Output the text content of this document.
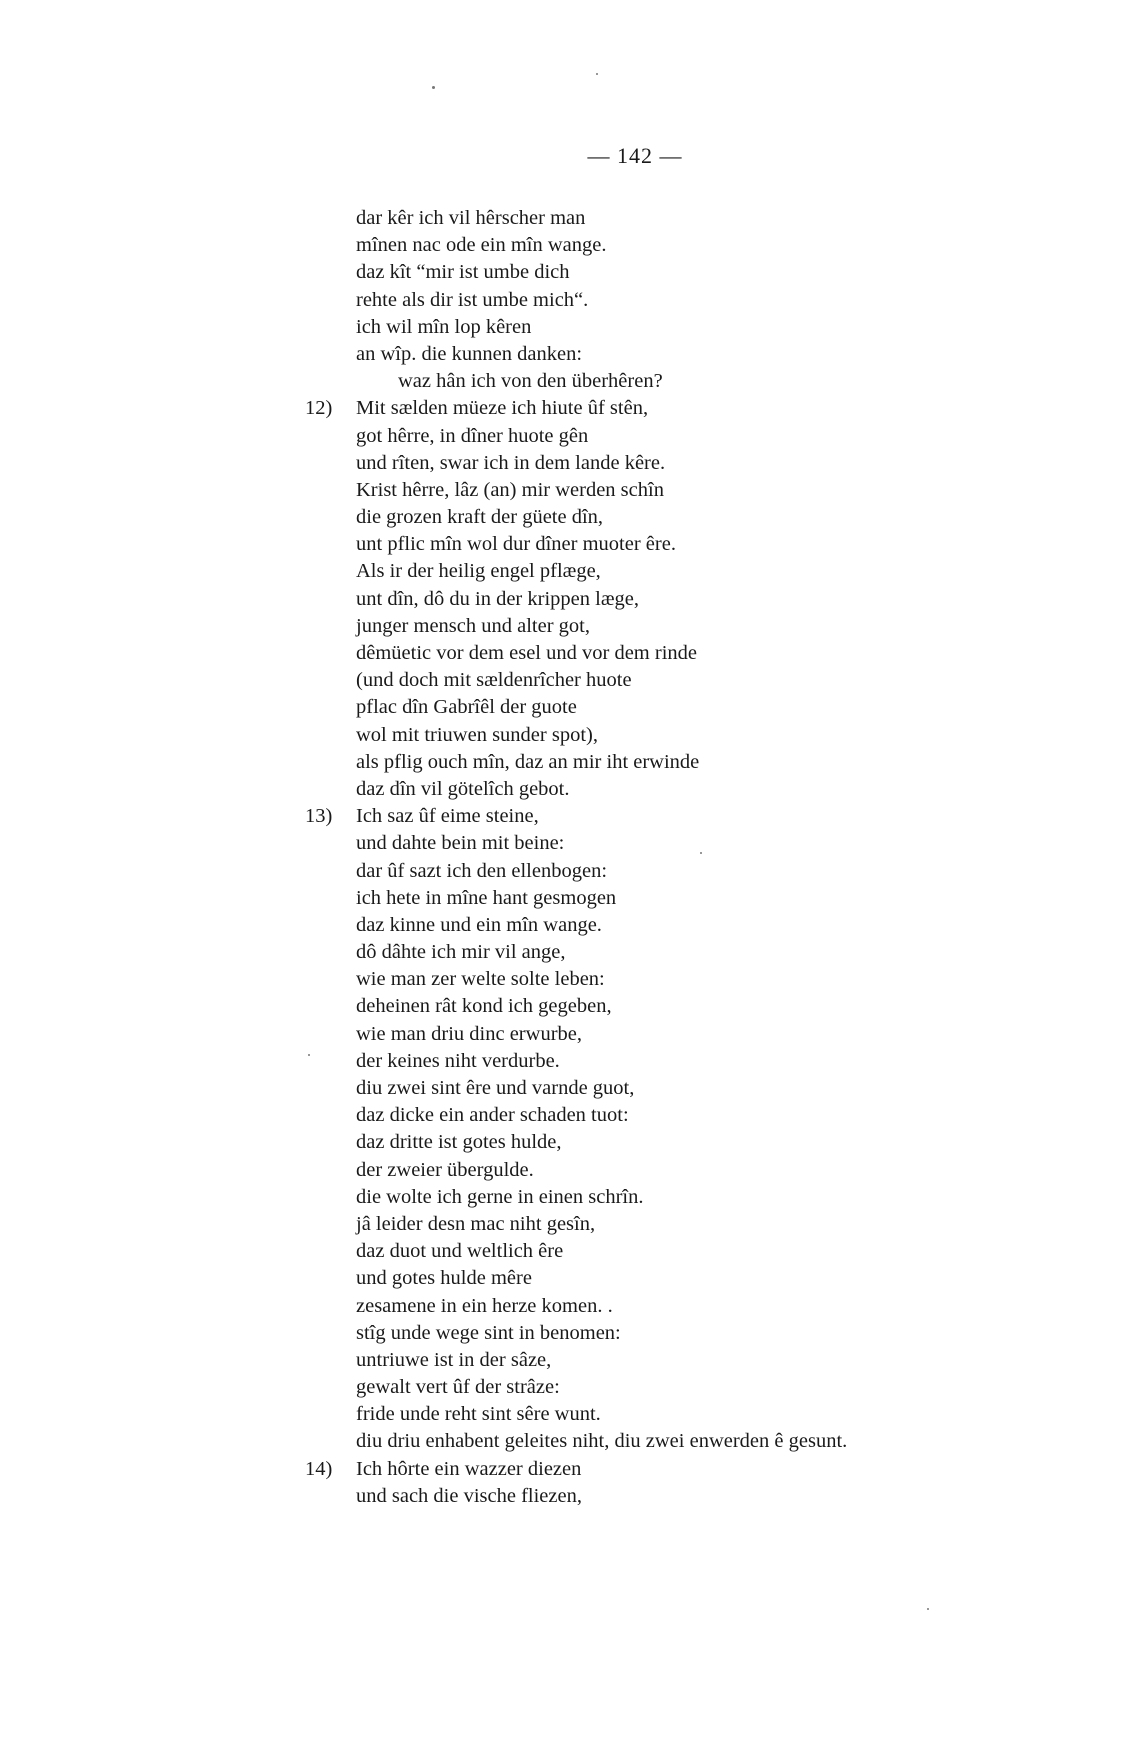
— 142 —
dar kêr ich vil hêrscher man
mînen nac ode ein mîn wange.
daz kît “mir ist umbe dich
rehte als dir ist umbe mich“.
ich wil mîn lop kêren
an wîp. die kunnen danken:
waz hân ich von den überhêren?
12) Mit sælden müeze ich hiute ûf stên,
got hêrre, in dîner huote gên
und rîten, swar ich in dem lande kêre.
Krist hêrre, lâz (an) mir werden schîn
die grozen kraft der güete dîn,
unt pflic mîn wol dur dîner muoter êre.
Als ir der heilig engel pflæge,
unt dîn, dô du in der krippen læge,
junger mensch und alter got,
dêmüetic vor dem esel und vor dem rinde
(und doch mit sældenrîcher huote
pflac dîn Gabrîêl der guote
wol mit triuwen sunder spot),
als pflig ouch mîn, daz an mir iht erwinde
daz dîn vil götelîch gebot.
13) Ich saz ûf eime steine,
und dahte bein mit beine:
dar ûf sazt ich den ellenbogen:
ich hete in mîne hant gesmogen
daz kinne und ein mîn wange.
dô dâhte ich mir vil ange,
wie man zer welte solte leben:
deheinen rât kond ich gegeben,
wie man driu dinc erwurbe,
der keines niht verdurbe.
diu zwei sint êre und varnde guot,
daz dicke ein ander schaden tuot:
daz dritte ist gotes hulde,
der zweier übergulde.
die wolte ich gerne in einen schrîn.
jâ leider desn mac niht gesîn,
daz duot und weltlich êre
und gotes hulde mêre
zesamene in ein herze komen. .
stîg unde wege sint in benomen:
untriuwe ist in der sâze,
gewalt vert ûf der strâze:
fride unde reht sint sêre wunt.
diu driu enhabent geleites niht, diu zwei enwerden ê gesunt.
14) Ich hôrte ein wazzer diezen
und sach die vische fliezen,
